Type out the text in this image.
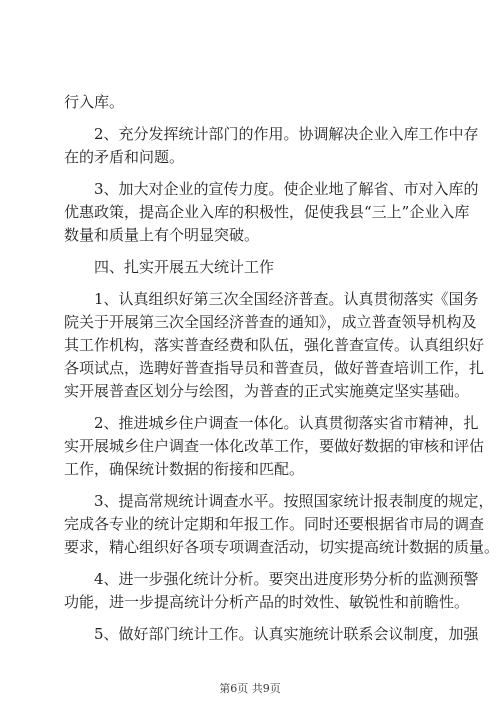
行入库。
2、充分发挥统计部门的作用。协调解决企业入库工作中存
在的矛盾和问题。
3、加大对企业的宣传力度。使企业地了解省、市对入库的
优惠政策，提高企业入库的积极性，促使我县“三上”企业入库
数量和质量上有个明显突破。
四、扎实开展五大统计工作
1、认真组织好第三次全国经济普查。认真贯彻落实《国务
院关于开展第三次全国经济普查的通知》，成立普查领导机构及
其工作机构，落实普查经费和队伍，强化普查宣传。认真组织好
各项试点，选聘好普查指导员和普查员，做好普查培训工作，扎
实开展普查区划分与绘图，为普查的正式实施奠定坚实基础。
2、推进城乡住户调查一体化。认真贯彻落实省市精神，扎
实开展城乡住户调查一体化改革工作，要做好数据的审核和评估
工作，确保统计数据的衔接和匹配。
3、提高常规统计调查水平。按照国家统计报表制度的规定，
完成各专业的统计定期和年报工作。同时还要根据省市局的调查
要求，精心组织好各项专项调查活动，切实提高统计数据的质量。
4、进一步强化统计分析。要突出进度形势分析的监测预警
功能，进一步提高统计分析产品的时效性、敏锐性和前瞻性。
5、做好部门统计工作。认真实施统计联系会议制度，加强
第6页 共9页
